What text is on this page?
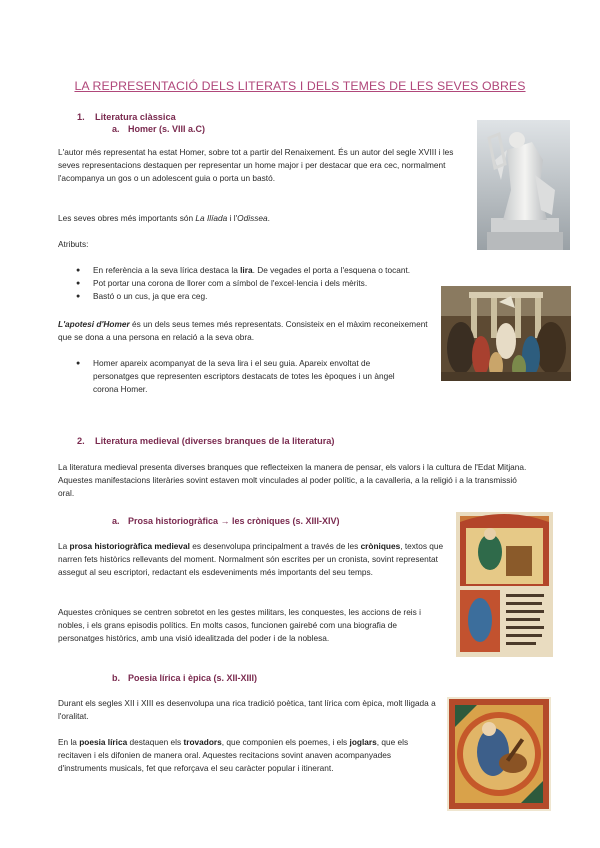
LA REPRESENTACIÓ DELS LITERATS I DELS TEMES DE LES SEVES OBRES
1. Literatura clàssica
a. Homer (s. VIII a.C)

L'autor més representat ha estat Homer, sobre tot a partir del Renaixement. És un autor del segle XVIII i les seves representacions destaquen per representar un home major i per destacar que era cec, normalment l'acompanya un gos o un adolescent guia o porta un bastó.

Les seves obres més importants són La Ilíada i l'Odissea.

Atributs:

● En referència a la seva lírica destaca la lira. De vegades el porta a l'esquena o tocant.
● Pot portar una corona de llorer com a símbol de l'excel·lencia i dels mèrits.
● Bastó o un cus, ja que era ceg.

L'apotesi d'Homer és un dels seus temes més representats. Consisteix en el màxim reconeixement que se dona a una persona en relació a la seva obra.

● Homer apareix acompanyat de la seva lira i el seu guia. Apareix envoltat de personatges que representen escriptors destacats de totes les èpoques i un àngel corona Homer.
2. Literatura medieval (diverses branques de la literatura)

La literatura medieval presenta diverses branques que reflecteixen la manera de pensar, els valors i la cultura de l'Edat Mitjana. Aquestes manifestacions literàries sovint estaven molt vinculades al poder polític, a la cavalleria, a la religió i a la transmissió oral.

a. Prosa historiogràfica → les cròniques (s. XIII-XIV)

La prosa historiogràfica medieval es desenvolupa principalment a través de les cròniques, textos que narren fets històrics rellevants del moment. Normalment són escrites per un cronista, sovint representat assegut al seu escriptori, redactant els esdeveniments més importants del seu temps.

Aquestes cròniques se centren sobretot en les gestes militars, les conquestes, les accions de reis i nobles, i els grans episodis polítics. En molts casos, funcionen gairebé com una biografia de personatges històrics, amb una visió idealitzada del poder i de la noblesa.

b. Poesia lírica i èpica (s. XII-XIII)

Durant els segles XII i XIII es desenvolupa una rica tradició poètica, tant lírica com èpica, molt lligada a l'oralitat.

En la poesia lírica destaquen els trovadors, que componien els poemes, i els joglars, que els recitaven i els difonien de manera oral. Aquestes recitacions sovint anaven acompanyades d'instruments musicals, fet que reforçava el seu caràcter popular i itinerant.
